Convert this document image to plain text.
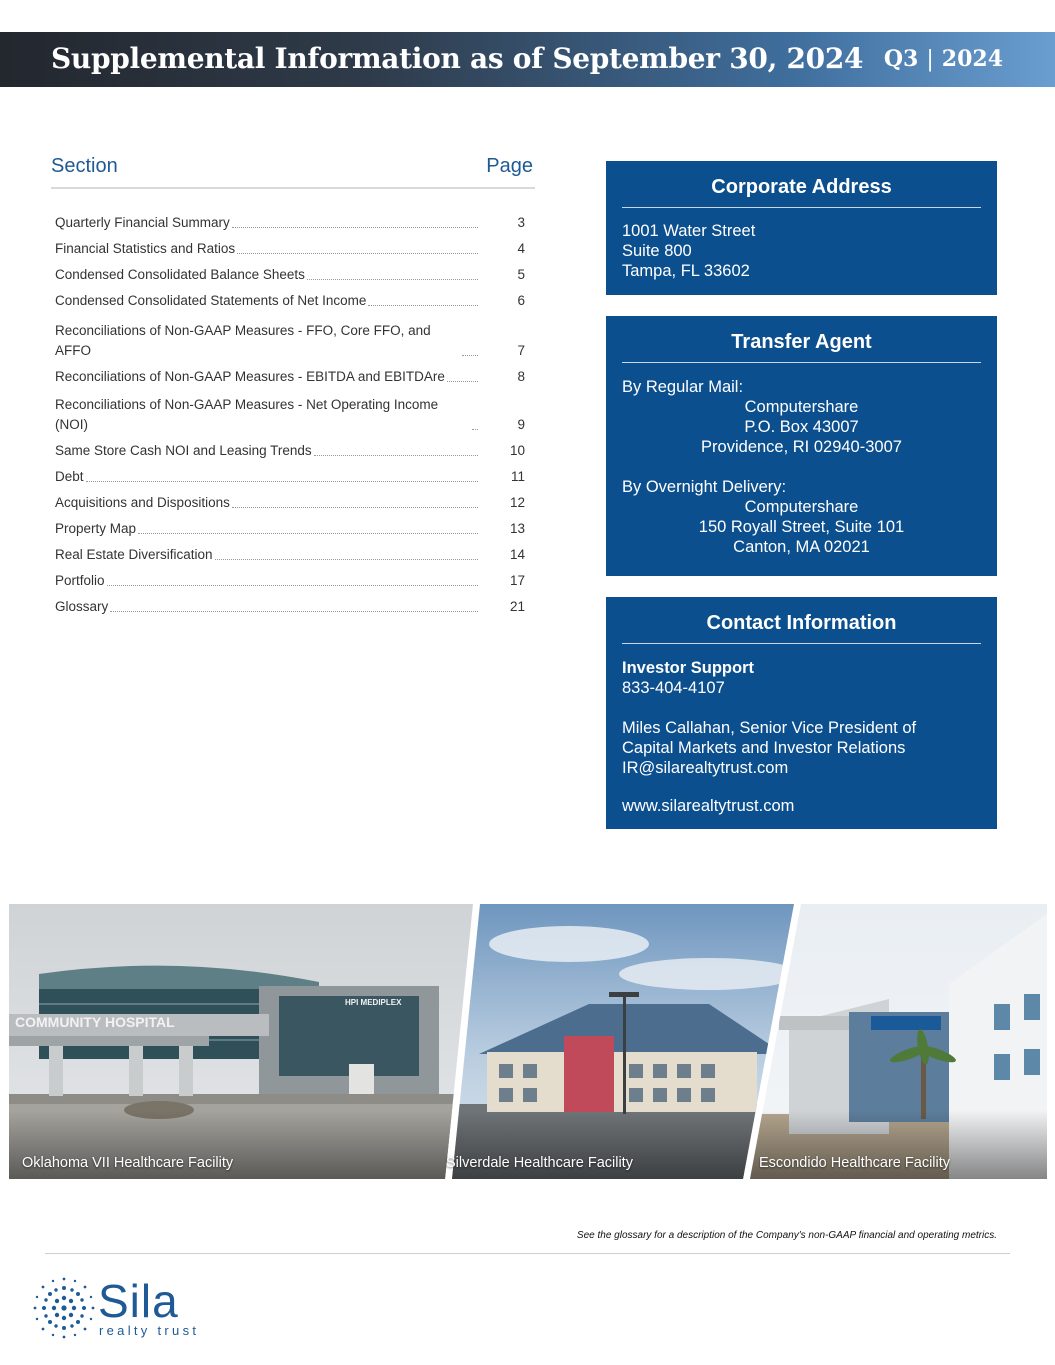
Supplemental Information as of September 30, 2024 Q3 | 2024
Section	Page
Quarterly Financial Summary	3
Financial Statistics and Ratios	4
Condensed Consolidated Balance Sheets	5
Condensed Consolidated Statements of Net Income	6
Reconciliations of Non-GAAP Measures - FFO, Core FFO, and AFFO	7
Reconciliations of Non-GAAP Measures - EBITDA and EBITDAre	8
Reconciliations of Non-GAAP Measures - Net Operating Income (NOI)	9
Same Store Cash NOI and Leasing Trends	10
Debt	11
Acquisitions and Dispositions	12
Property Map	13
Real Estate Diversification	14
Portfolio	17
Glossary	21
Corporate Address
1001 Water Street
Suite 800
Tampa, FL 33602
Transfer Agent
By Regular Mail:
Computershare
P.O. Box 43007
Providence, RI 02940-3007
By Overnight Delivery:
Computershare
150 Royall Street, Suite 101
Canton, MA 02021
Contact Information
Investor Support
833-404-4107
Miles Callahan, Senior Vice President of
Capital Markets and Investor Relations
IR@silarealtytrust.com
www.silarealtytrust.com
Oklahoma VII Healthcare Facility	Silverdale Healthcare Facility	Escondido Healthcare Facility
See the glossary for a description of the Company's non-GAAP financial and operating metrics.
Sila
realty trust
